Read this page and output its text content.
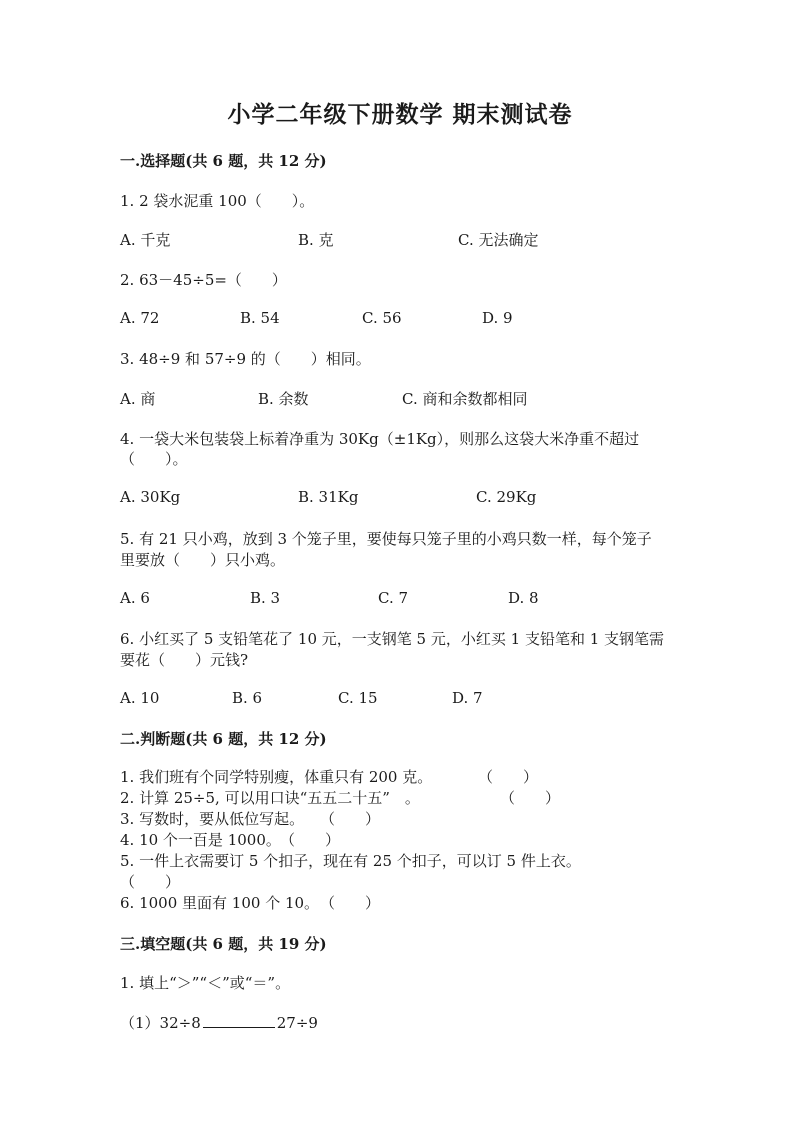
小学二年级下册数学 期末测试卷
一.选择题(共 6 题，共 12 分)
1. 2 袋水泥重 100（　　）。
A. 千克	B. 克	C. 无法确定
2. 63－45÷5=（　　）
A. 72	B. 54	C. 56	D. 9
3. 48÷9 和 57÷9 的（　　）相同。
A. 商	B. 余数	C. 商和余数都相同
4. 一袋大米包装袋上标着净重为 30Kg（±1Kg），则那么这袋大米净重不超过
（　　）。
A. 30Kg	B. 31Kg	C. 29Kg
5. 有 21 只小鸡，放到 3 个笼子里，要使每只笼子里的小鸡只数一样，每个笼子
里要放（　　）只小鸡。
A. 6	B. 3	C. 7	D. 8
6. 小红买了 5 支铅笔花了 10 元，一支钢笔 5 元，小红买 1 支铅笔和 1 支钢笔需
要花（　　）元钱?
A. 10	B. 6	C. 15	D. 7
二.判断题(共 6 题，共 12 分)
1. 我们班有个同学特别瘦，体重只有 200 克。	（　　）
2. 计算 25÷5, 可以用口诀“五五二十五”　。	（　　）
3. 写数时，要从低位写起。 （　　）
4. 10 个一百是 1000。 （　　）
5. 一件上衣需要订 5 个扣子，现在有 25 个扣子，可以订 5 件上衣。
（　　）
6. 1000 里面有 100 个 10。 （　　）
三.填空题(共 6 题，共 19 分)
1. 填上“＞”“＜”或“＝”。
（1）32÷8	27÷9
